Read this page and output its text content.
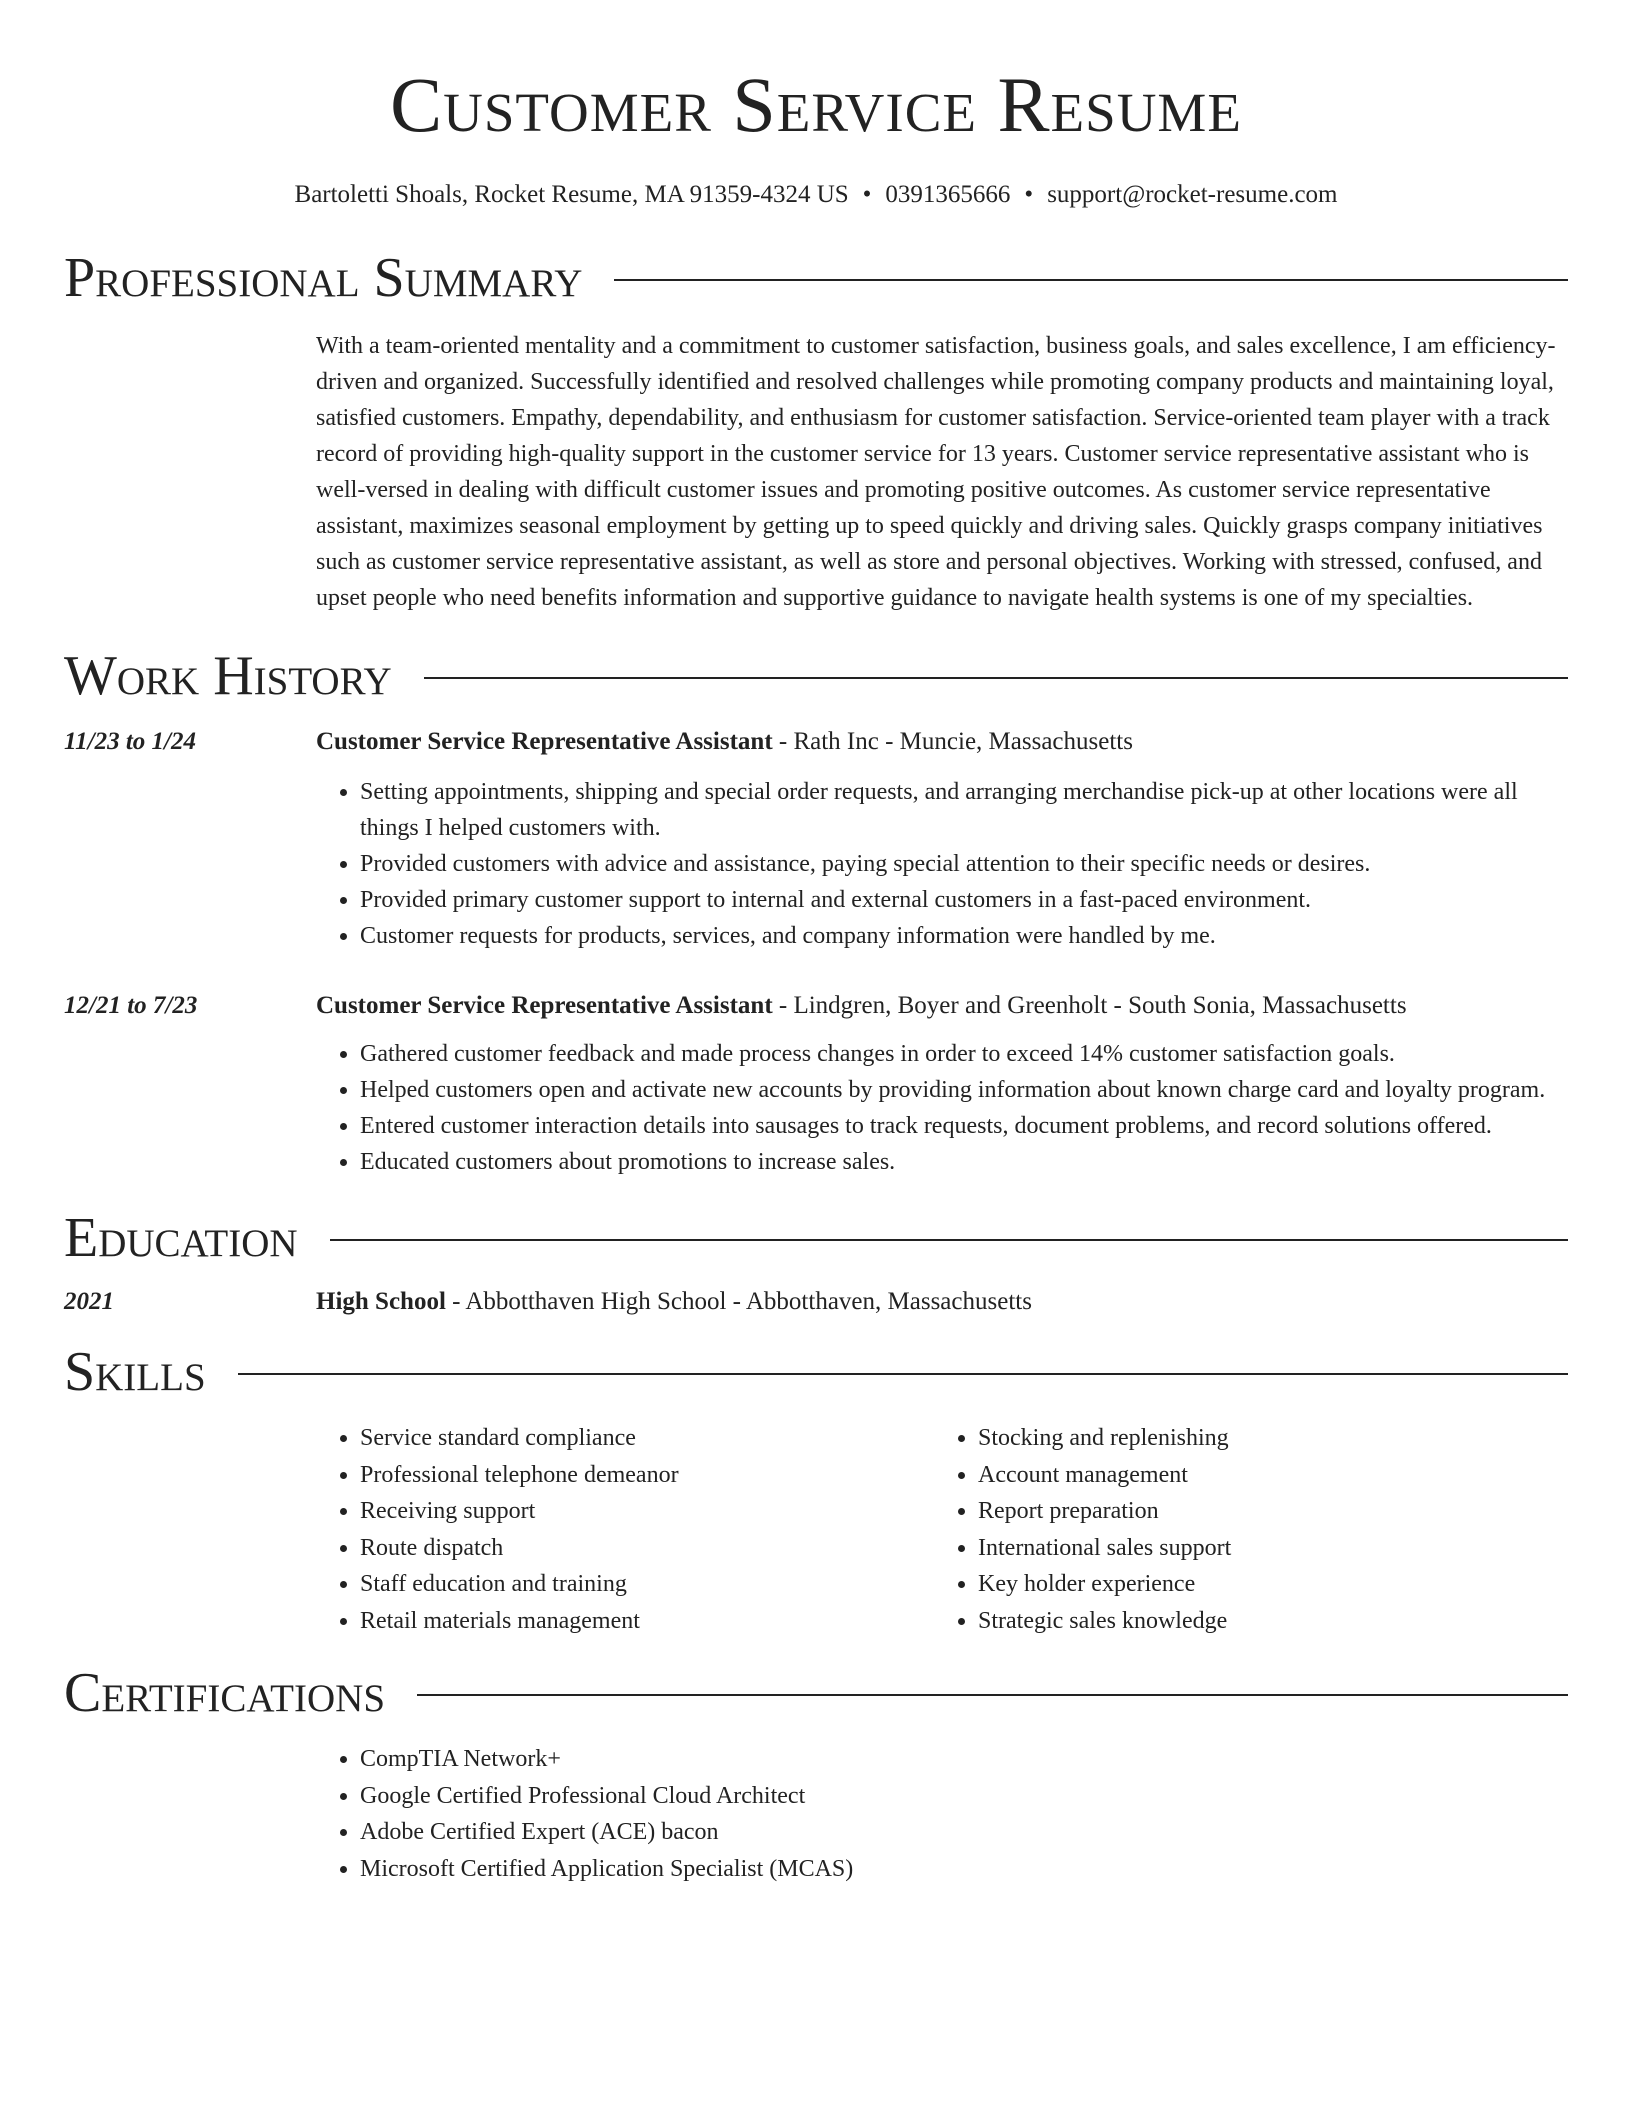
Customer Service Resume
Bartoletti Shoals, Rocket Resume, MA 91359-4324 US • 0391365666 • support@rocket-resume.com
Professional Summary

With a team-oriented mentality and a commitment to customer satisfaction, business goals, and sales excellence, I am efficiency-driven and organized. Successfully identified and resolved challenges while promoting company products and maintaining loyal, satisfied customers. Empathy, dependability, and enthusiasm for customer satisfaction. Service-oriented team player with a track record of providing high-quality support in the customer service for 13 years. Customer service representative assistant who is well-versed in dealing with difficult customer issues and promoting positive outcomes. As customer service representative assistant, maximizes seasonal employment by getting up to speed quickly and driving sales. Quickly grasps company initiatives such as customer service representative assistant, as well as store and personal objectives. Working with stressed, confused, and upset people who need benefits information and supportive guidance to navigate health systems is one of my specialties.

Work History
11/23 to 1/24	Customer Service Representative Assistant - Rath Inc - Muncie, Massachusetts
• Setting appointments, shipping and special order requests, and arranging merchandise pick-up at other locations were all things I helped customers with.
• Provided customers with advice and assistance, paying special attention to their specific needs or desires.
• Provided primary customer support to internal and external customers in a fast-paced environment.
• Customer requests for products, services, and company information were handled by me.
12/21 to 7/23	Customer Service Representative Assistant - Lindgren, Boyer and Greenholt - South Sonia, Massachusetts
• Gathered customer feedback and made process changes in order to exceed 14% customer satisfaction goals.
• Helped customers open and activate new accounts by providing information about known charge card and loyalty program.
• Entered customer interaction details into sausages to track requests, document problems, and record solutions offered.
• Educated customers about promotions to increase sales.
Education
2021	High School - Abbotthaven High School - Abbotthaven, Massachusetts
Skills
• Service standard compliance
• Professional telephone demeanor
• Receiving support
• Route dispatch
• Staff education and training
• Retail materials management
• Stocking and replenishing
• Account management
• Report preparation
• International sales support
• Key holder experience
• Strategic sales knowledge
Certifications
• CompTIA Network+
• Google Certified Professional Cloud Architect
• Adobe Certified Expert (ACE) bacon
• Microsoft Certified Application Specialist (MCAS)
